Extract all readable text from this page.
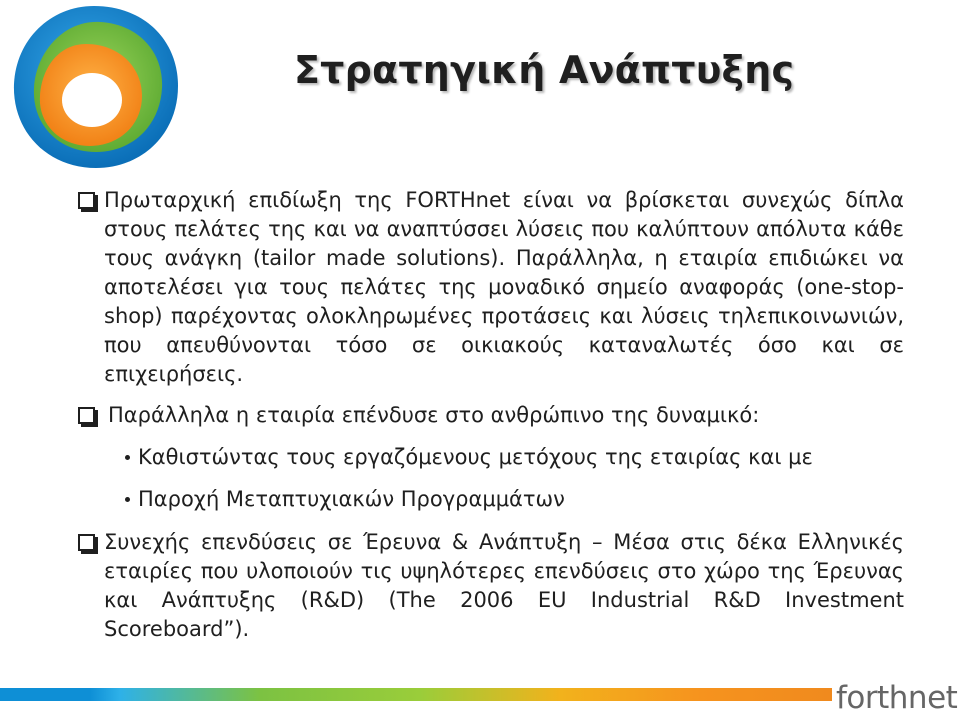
Στρατηγική Ανάπτυξης
Πρωταρχική επιδίωξη της FORTHnet είναι να βρίσκεται συνεχώς δίπλα στους πελάτες της και να αναπτύσσει λύσεις που καλύπτουν απόλυτα κάθε τους ανάγκη (tailor made solutions). Παράλληλα, η εταιρία επιδιώκει να αποτελέσει για τους πελάτες της μοναδικό σημείο αναφοράς (one-stop-shop) παρέχοντας ολοκληρωμένες προτάσεις και λύσεις τηλεπικοινωνιών, που απευθύνονται τόσο σε οικιακούς καταναλωτές όσο και σε επιχειρήσεις.
Παράλληλα η εταιρία επένδυσε στο ανθρώπινο της δυναμικό:
Καθιστώντας τους εργαζόμενους μετόχους της εταιρίας και με
Παροχή Μεταπτυχιακών Προγραμμάτων
Συνεχής επενδύσεις σε Έρευνα & Ανάπτυξη – Μέσα στις δέκα Ελληνικές εταιρίες που υλοποιούν τις υψηλότερες επενδύσεις στο χώρο της Έρευνας και Ανάπτυξης (R&D) (The 2006 EU Industrial R&D Investment Scoreboard”).
forthnet
